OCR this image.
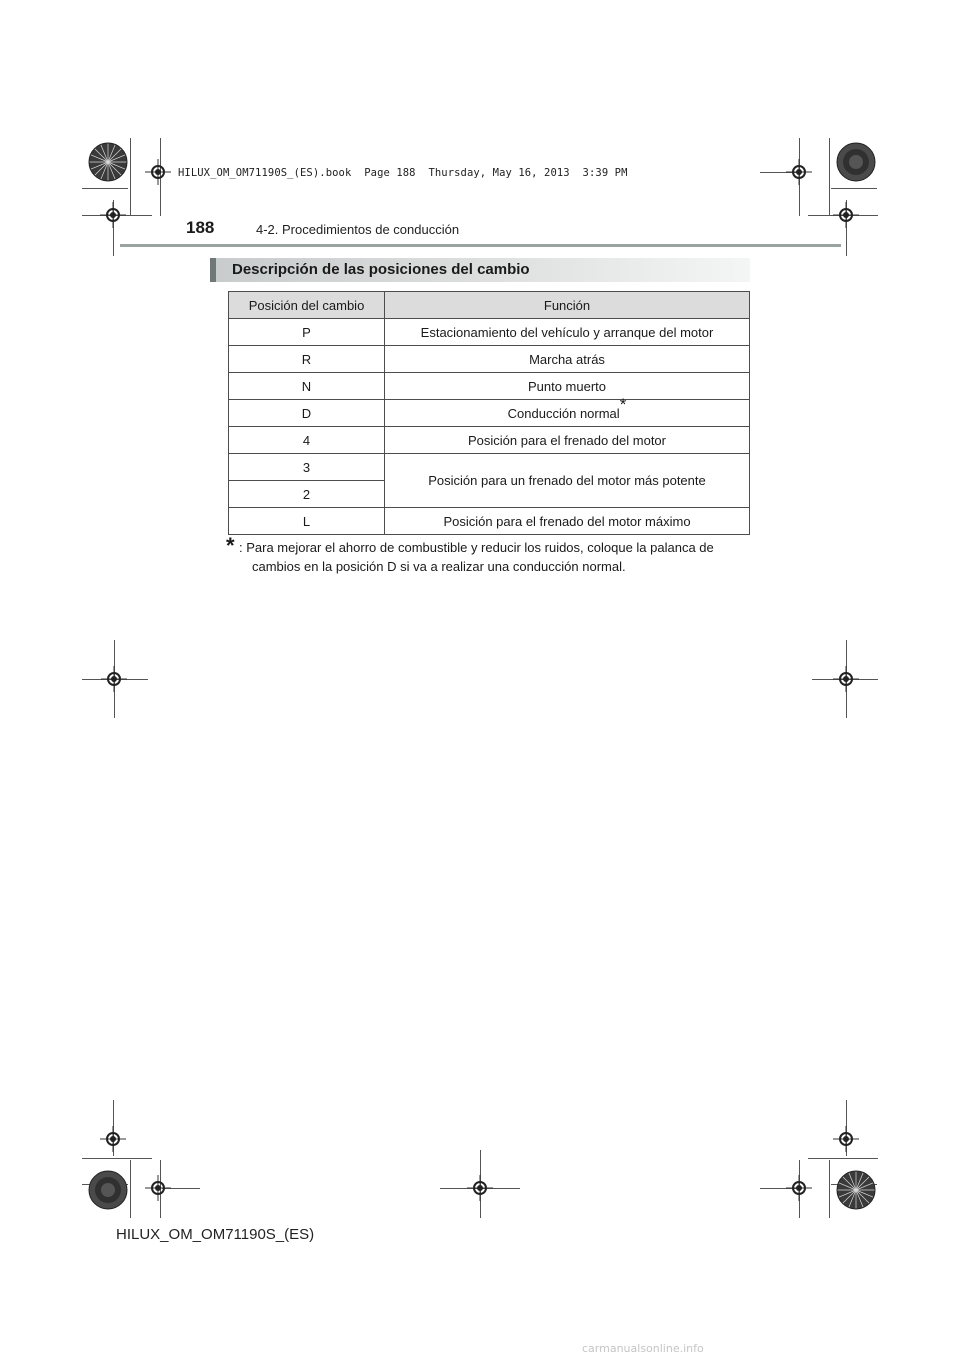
HILUX_OM_OM71190S_(ES).book  Page 188  Thursday, May 16, 2013  3:39 PM
188	4-2. Procedimientos de conducción
Descripción de las posiciones del cambio
Posición del cambio	Función
P	Estacionamiento del vehículo y arranque del motor
R	Marcha atrás
N	Punto muerto
D	Conducción normal*
4	Posición para el frenado del motor
3	Posición para un frenado del motor más potente
2	
L	Posición para el frenado del motor máximo
* : Para mejorar el ahorro de combustible y reducir los ruidos, coloque la palanca de
cambios en la posición D si va a realizar una conducción normal.
HILUX_OM_OM71190S_(ES)
carmanualsonline.info
